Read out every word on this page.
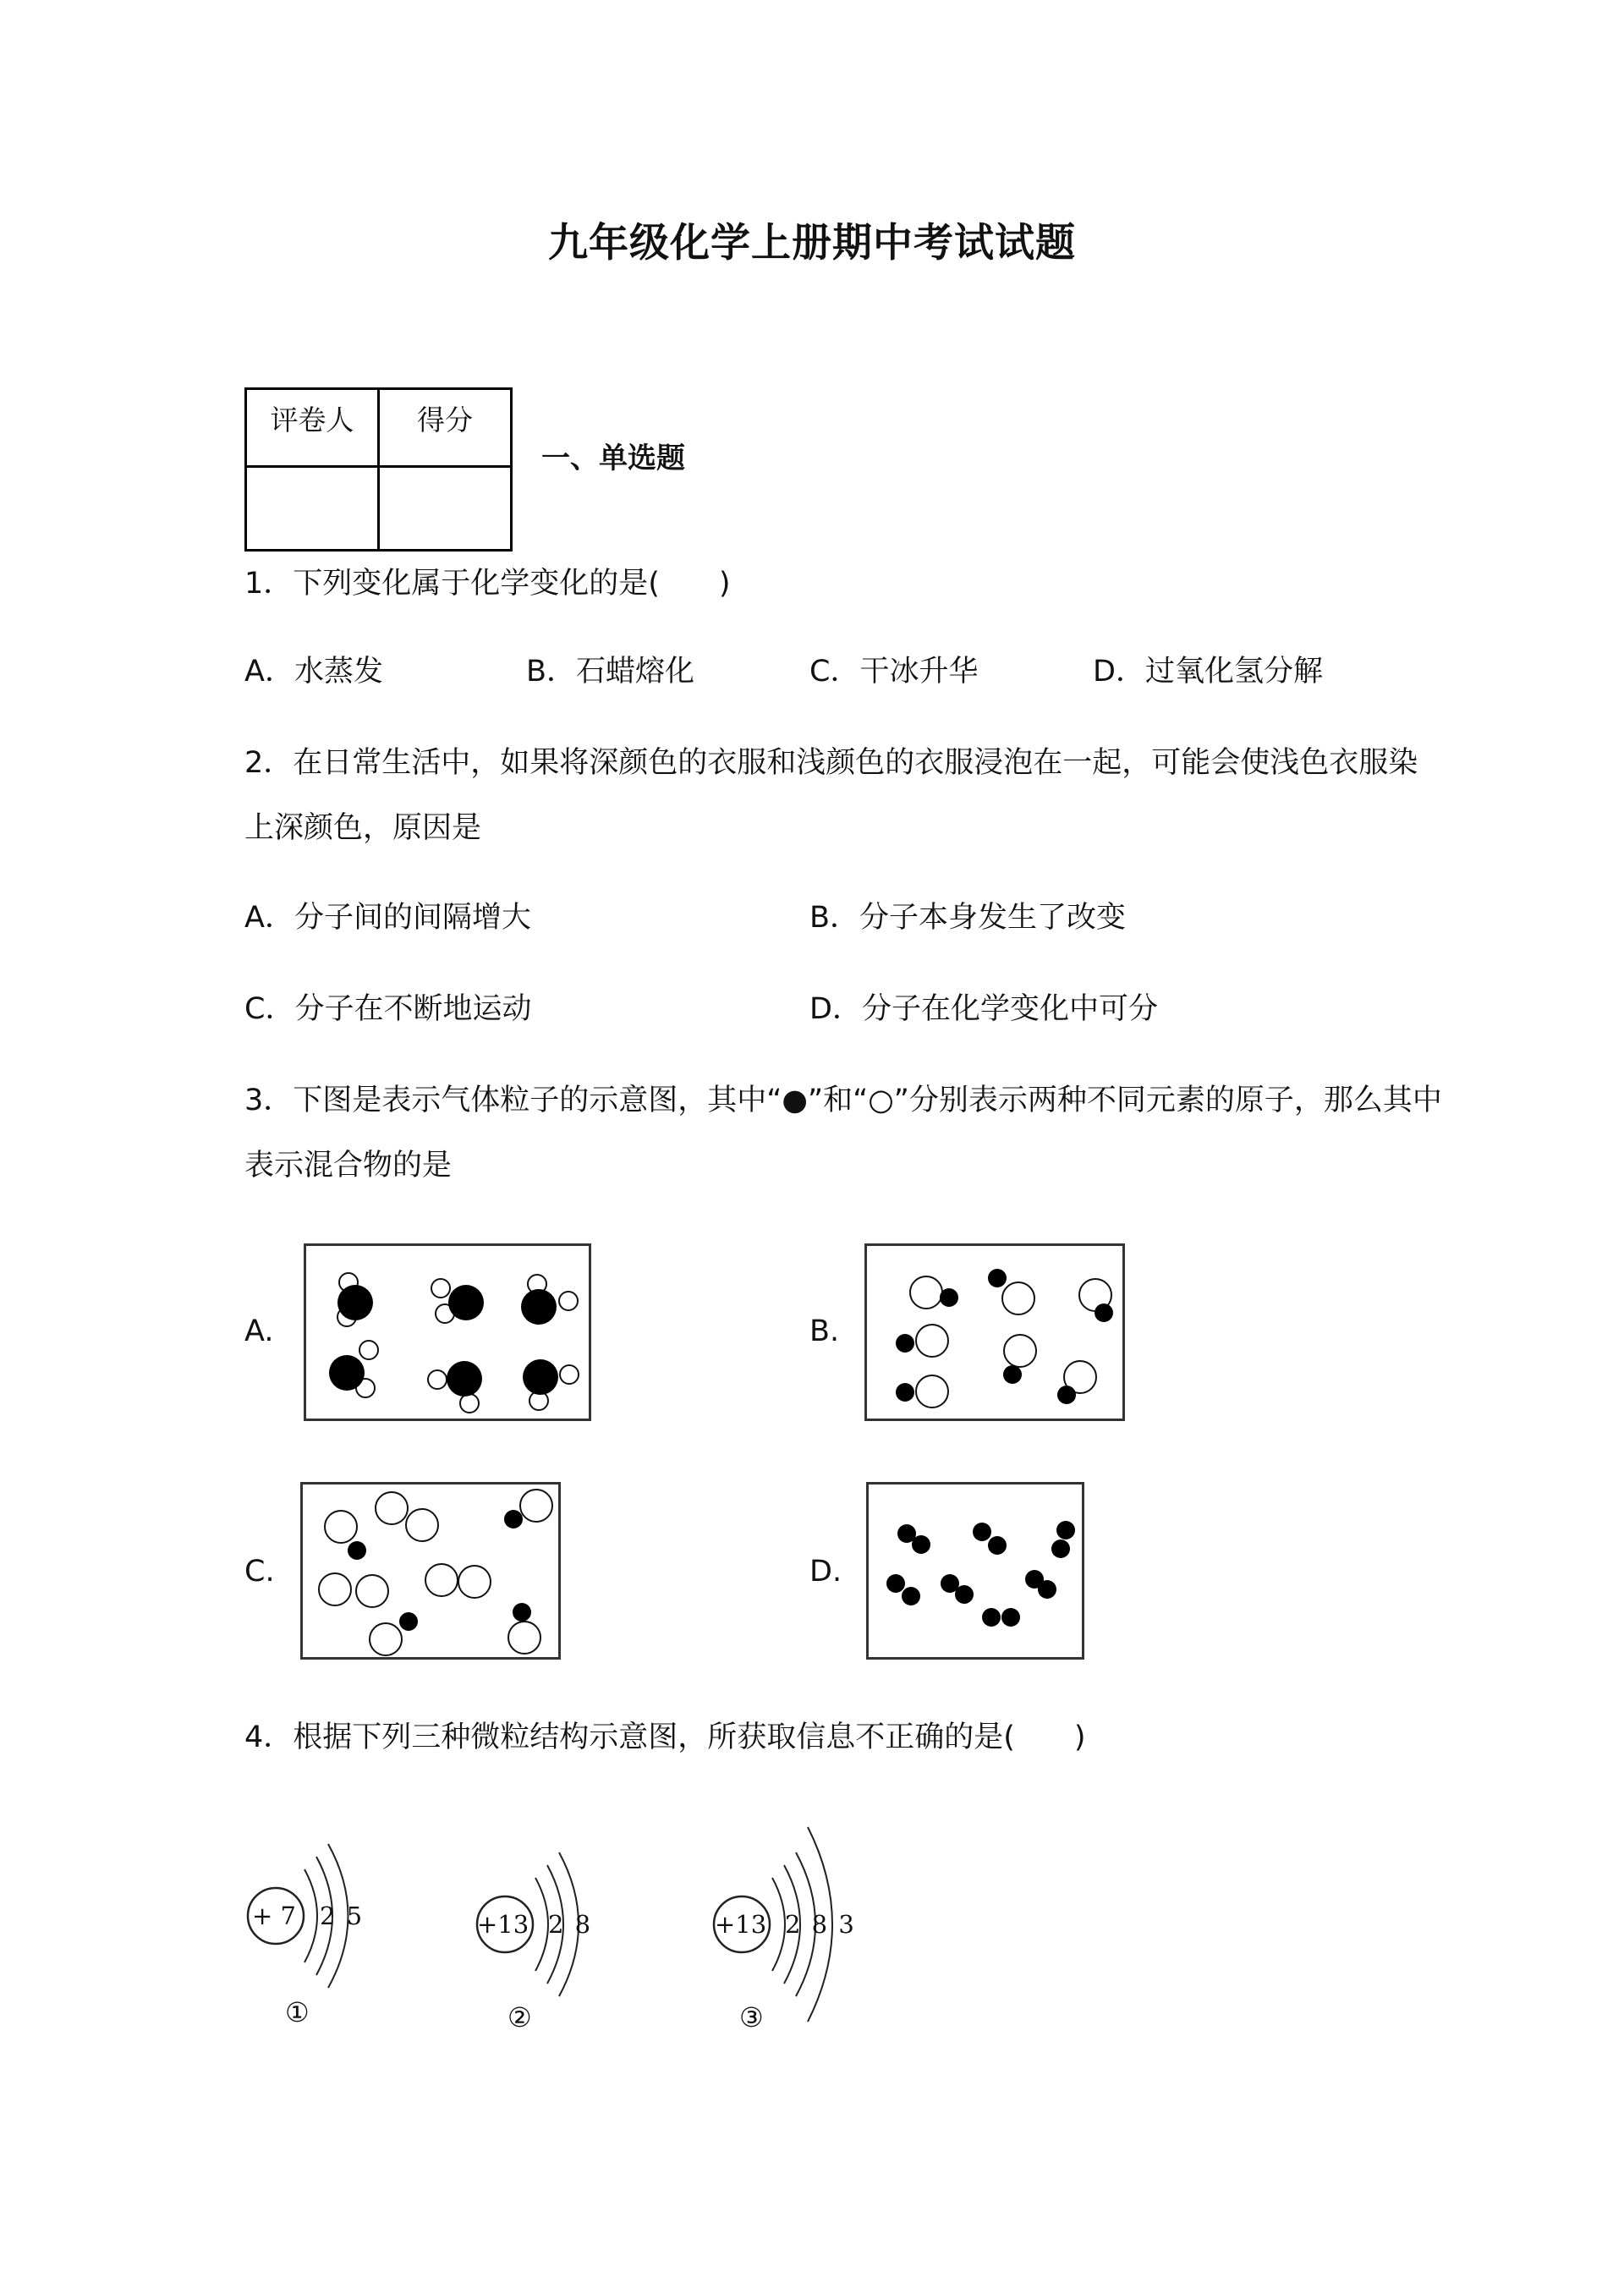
九年级化学上册期中考试试题
评卷人	得分

一、单选题
1．下列变化属于化学变化的是(　　)
A．水蒸发	B．石蜡熔化	C．干冰升华	D．过氧化氢分解
2．在日常生活中，如果将深颜色的衣服和浅颜色的衣服浸泡在一起，可能会使浅色衣服染
上深颜色，原因是
A．分子间的间隔增大	B．分子本身发生了改变
C．分子在不断地运动	D．分子在化学变化中可分
3．下图是表示气体粒子的示意图，其中“●”和“○”分别表示两种不同元素的原子，那么其中
表示混合物的是
A.	B.
C.	D.
4．根据下列三种微粒结构示意图，所获取信息不正确的是(　　)
+ 7 2 5
①
+13 2 8
②
+13 2 8 3
③
